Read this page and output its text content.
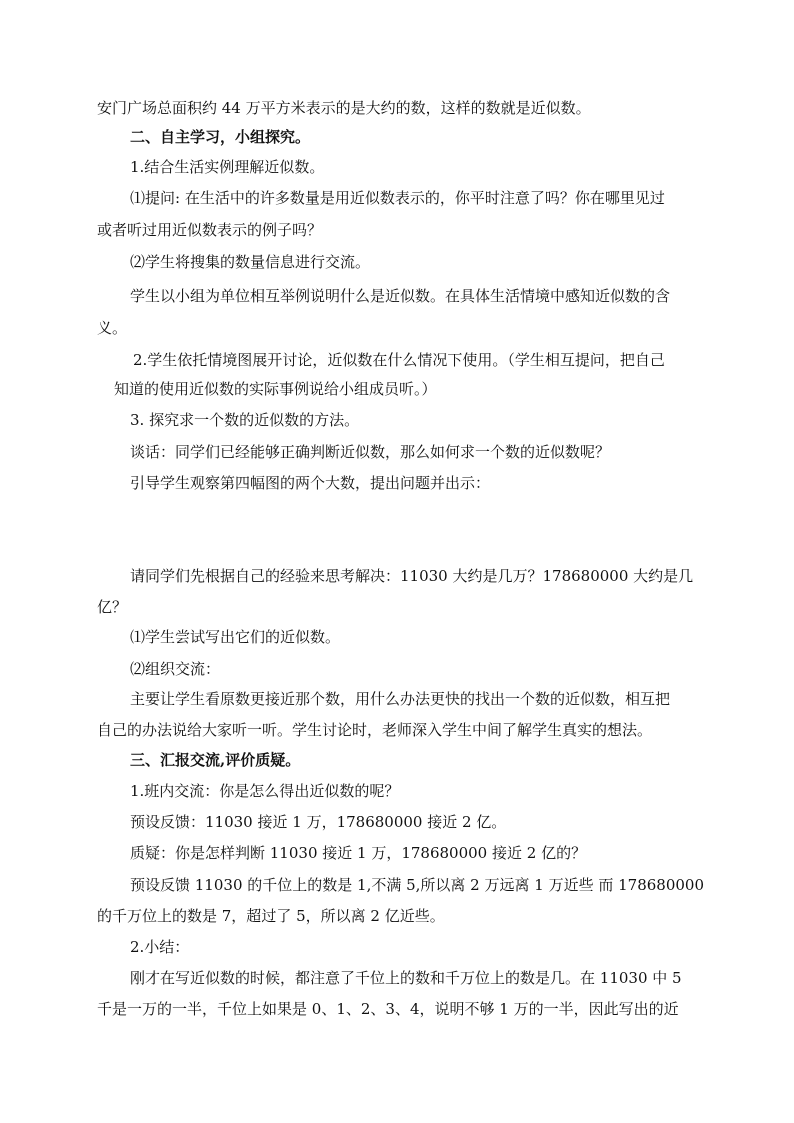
安门广场总面积约 44 万平方米表示的是大约的数，这样的数就是近似数。
二、自主学习，小组探究。
1.结合生活实例理解近似数。
⑴提问: 在生活中的许多数量是用近似数表示的，你平时注意了吗？你在哪里见过
或者听过用近似数表示的例子吗？
⑵学生将搜集的数量信息进行交流。
学生以小组为单位相互举例说明什么是近似数。在具体生活情境中感知近似数的含
义。
2.学生依托情境图展开讨论，近似数在什么情况下使用。（学生相互提问，把自己
知道的使用近似数的实际事例说给小组成员听。）
3. 探究求一个数的近似数的方法。
谈话：同学们已经能够正确判断近似数，那么如何求一个数的近似数呢？
引导学生观察第四幅图的两个大数，提出问题并出示：
请同学们先根据自己的经验来思考解决：11030 大约是几万？178680000 大约是几
亿？
⑴学生尝试写出它们的近似数。
⑵组织交流：
主要让学生看原数更接近那个数，用什么办法更快的找出一个数的近似数，相互把
自己的办法说给大家听一听。学生讨论时，老师深入学生中间了解学生真实的想法。
三、汇报交流,评价质疑。
1.班内交流：你是怎么得出近似数的呢？
预设反馈：11030 接近 1 万，178680000 接近 2 亿。
质疑：你是怎样判断 11030 接近 1 万，178680000 接近 2 亿的？
预设反馈 11030 的千位上的数是 1,不满 5,所以离 2 万远离 1 万近些 而 178680000
的千万位上的数是 7，超过了 5，所以离 2 亿近些。
2.小结：
刚才在写近似数的时候，都注意了千位上的数和千万位上的数是几。在 11030 中 5
千是一万的一半，千位上如果是 0、1、2、3、4，说明不够 1 万的一半，因此写出的近
